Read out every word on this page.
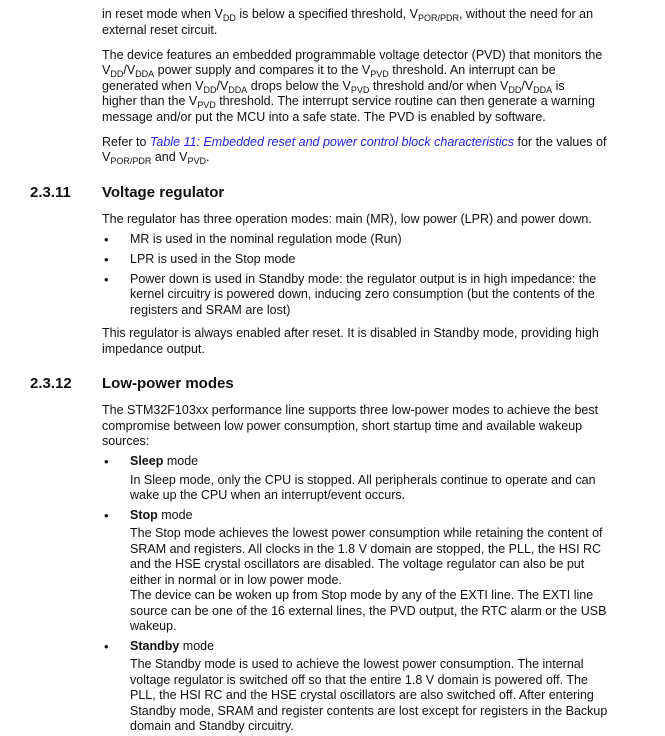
in reset mode when $V_{DD}$ is below a specified threshold, $V_{POR/PDR}$, without the need for an
external reset circuit.
The device features an embedded programmable voltage detector (PVD) that monitors the
$V_{DD}/V_{DDA}$ power supply and compares it to the $V_{PVD}$ threshold. An interrupt can be
generated when $V_{DD}/V_{DDA}$ drops below the $V_{PVD}$ threshold and/or when $V_{DD}/V_{DDA}$ is
higher than the $V_{PVD}$ threshold. The interrupt service routine can then generate a warning
message and/or put the MCU into a safe state. The PVD is enabled by software.
Refer to Table 11: Embedded reset and power control block characteristics for the values of
$V_{POR/PDR}$ and $V_{PVD}$.
2.3.11 Voltage regulator
The regulator has three operation modes: main (MR), low power (LPR) and power down.
• MR is used in the nominal regulation mode (Run)
• LPR is used in the Stop mode
• Power down is used in Standby mode: the regulator output is in high impedance: the
kernel circuitry is powered down, inducing zero consumption (but the contents of the
registers and SRAM are lost)
This regulator is always enabled after reset. It is disabled in Standby mode, providing high
impedance output.
2.3.12 Low-power modes
The STM32F103xx performance line supports three low-power modes to achieve the best
compromise between low power consumption, short startup time and available wakeup
sources:
• Sleep mode
In Sleep mode, only the CPU is stopped. All peripherals continue to operate and can
wake up the CPU when an interrupt/event occurs.
• Stop mode
The Stop mode achieves the lowest power consumption while retaining the content of
SRAM and registers. All clocks in the 1.8 V domain are stopped, the PLL, the HSI RC
and the HSE crystal oscillators are disabled. The voltage regulator can also be put
either in normal or in low power mode.
The device can be woken up from Stop mode by any of the EXTI line. The EXTI line
source can be one of the 16 external lines, the PVD output, the RTC alarm or the USB
wakeup.
• Standby mode
The Standby mode is used to achieve the lowest power consumption. The internal
voltage regulator is switched off so that the entire 1.8 V domain is powered off. The
PLL, the HSI RC and the HSE crystal oscillators are also switched off. After entering
Standby mode, SRAM and register contents are lost except for registers in the Backup
domain and Standby circuitry.
